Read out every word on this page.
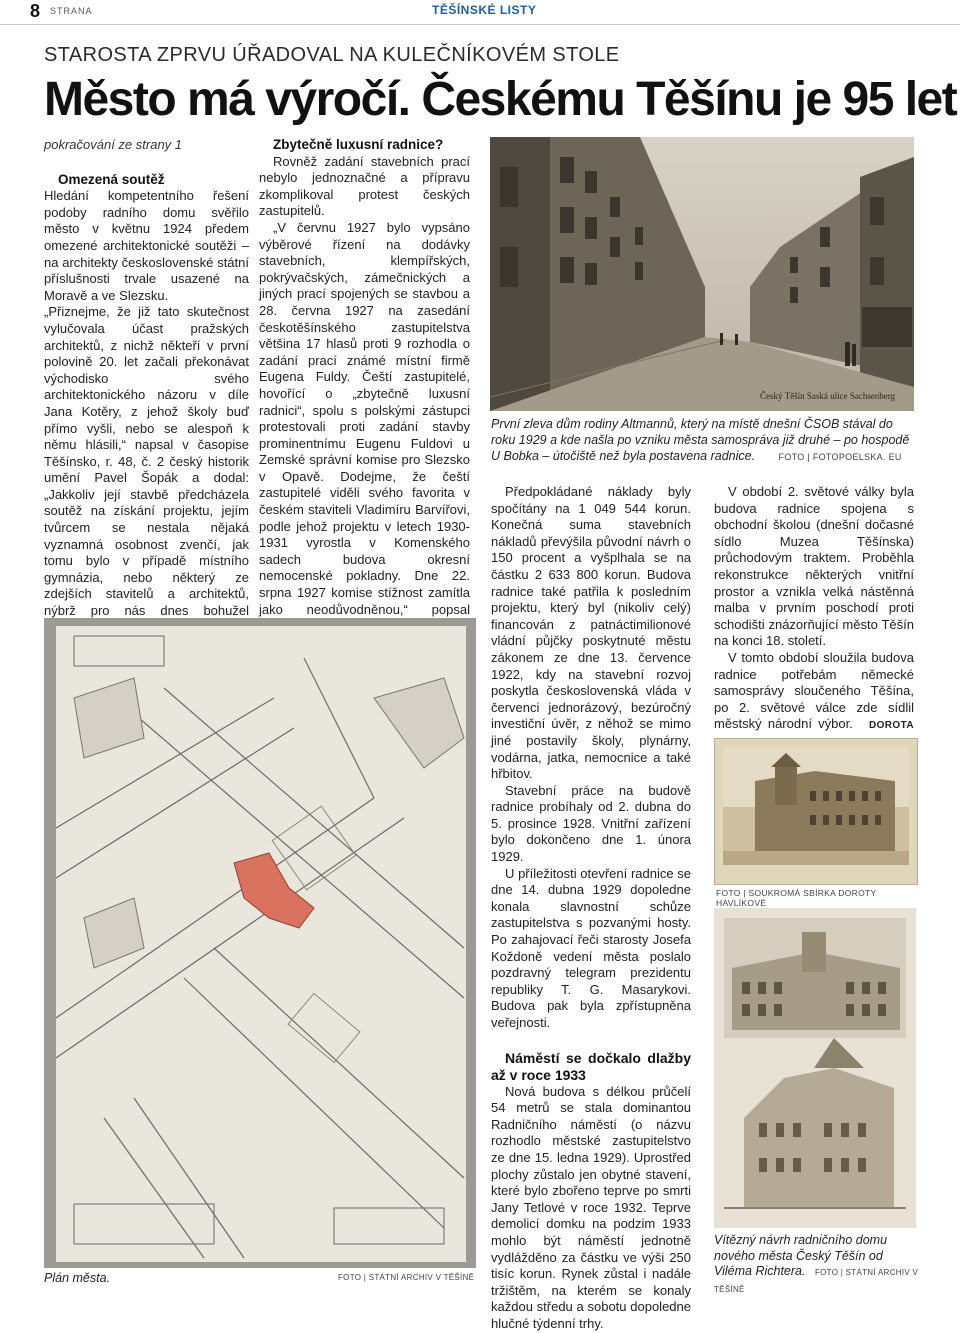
8 STRANA	TĚŠÍNSKÉ LISTY
STAROSTA ZPRVU ÚŘADOVAL NA KULEČNÍKOVÉM STOLE
Město má výročí. Českému Těšínu je 95 let

pokračování ze strany 1

Omezená soutěž

Hledání kompetentního řešení podoby radního domu svěřilo město v květnu 1924 předem omezené architektonické soutěži – na architekty československé státní příslušnosti trvale usazené na Moravě a ve Slezsku.

„Přiznejme, že již tato skutečnost vylučovala účast pražských architektů, z nichž někteří v první polovině 20. let začali překonávat východisko svého architektonického názoru v díle Jana Kotěry, z jehož školy buď přímo vyšli, nebo se alespoň k němu hlásili,“ napsal v časopise Těšínsko, r. 48, č. 2 český historik umění Pavel Šopák a dodal: „Jakkoliv její stavbě předcházela soutěž na získání projektu, jejím tvůrcem se nestala nějaká vyznamná osobnost zvenčí, jak tomu bylo v případě místního gymnázia, nebo některý ze zdejších stavitelů a architektů, nýbrž pro nás dnes bohužel

Zbytečně luxusní radnice?

Rovněž zadání stavebních prací nebylo jednoznačné a přípravu zkomplikoval protest českých zastupitelů.

„V červnu 1927 bylo vypsáno výběrové řízení na dodávky stavebních, klempířských, pokrývačských, zámečnických a jiných prací spojených se stavbou a 28. června 1927 na zasedání českotěšínského zastupitelstva většina 17 hlasů proti 9 rozhodla o zadání prací známé místní firmě Eugena Fuldy. Čeští zastupitelé, hovořící o „zbytečně luxusní radnici“, spolu s polskými zástupci protestovali proti zadání stavby prominentnímu Eugenu Fuldovi u Zemské správní komise pro Slezsko v Opavě. Dodejme, že čeští zastupitelé viděli svého favorita v českém staviteli Vladimíru Barvířovi, podle jehož projektu v letech 1930-1931 vyrostla v Komenského sadech budova okresní nemocenské pokladny. Dne 22. srpna 1927 komise stížnost zamítla jako neodůvodněnou,“ popsal

Český Těšín Saská ulice Sachsenberg
První zleva dům rodiny Altmannů, který na místě dnešní ČSOB stával do roku 1929 a kde našla po vzniku města samospráva již druhé – po hospodě U Bobka – útočiště než byla postavena radnice.	FOTO | FOTOPOELSKA. EU

Předpokládané náklady byly spočítány na 1 049 544 korun. Konečná suma stavebních nákladů převýšila původní návrh o 150 procent a vyšplhala se na částku 2 633 800 korun. Budova radnice také patřila k posledním projektu, který byl (nikoliv celý) financován z patnáctimilionové vládní půjčky poskytnuté městu zákonem ze dne 13. července 1922, kdy na stavební rozvoj poskytla československá vláda v červenci jednorázový, bezúročný investiční úvěr, z něhož se mimo jiné postavily školy, plynárny, vodárna, jatka, nemocnice a také hřbitov.

Stavební práce na budově radnice probíhaly od 2. dubna do 5. prosince 1928. Vnitřní zařízení bylo dokončeno dne 1. února 1929.

U příležitosti otevření radnice se dne 14. dubna 1929 dopoledne konala slavnostní schůze zastupitelstva s pozvanými hosty. Po zahajovací řeči starosty Josefa Koždoně vedení města poslalo pozdravný telegram prezidentu republiky T. G. Masarykovi. Budova pak byla zpřístupněna veřejnosti.

Náměstí se dočkalo dlažby až v roce 1933

Nová budova s délkou průčelí 54 metrů se stala dominantou Radničního náměstí (o názvu rozhodlo městské zastupitelstvo ze dne 15. ledna 1929). Uprostřed plochy zůstalo jen obytné stavení, které bylo zbořeno teprve po smrti Jany Tetlové v roce 1932. Teprve demolicí domku na podzim 1933 mohlo být náměstí jednotně vydlážděno za částku ve výši 250 tisíc korun. Rynek zůstal i nadále tržištěm, na kterém se konaly každou středu a sobotu dopoledne hlučné týdenní trhy.

V období 2. světové války byla budova radnice spojena s obchodní školou (dnešní dočasné sídlo Muzea Těšínska) průchodovým traktem. Proběhla rekonstrukce některých vnitřní prostor a vznikla velká nástěnná malba v prvním poschodí proti schodišti znázorňující město Těšín na konci 18. století.

V tomto období sloužila budova radnice potřebám německé samosprávy sloučeného Těšína, po 2. světové válce zde sídlil městský národní výbor. DOROTA

FOTO | SOUKROMÁ SBÍRKA DOROTY HAVLÍKOVÉ
Vítězný návrh radničního domu nového města Český Těšín od Viléma Richtera. FOTO | STÁTNÍ ARCHIV V TĚŠÍNĚ
Plán města.	FOTO | STÁTNÍ ARCHIV V TĚŠÍNĚ
